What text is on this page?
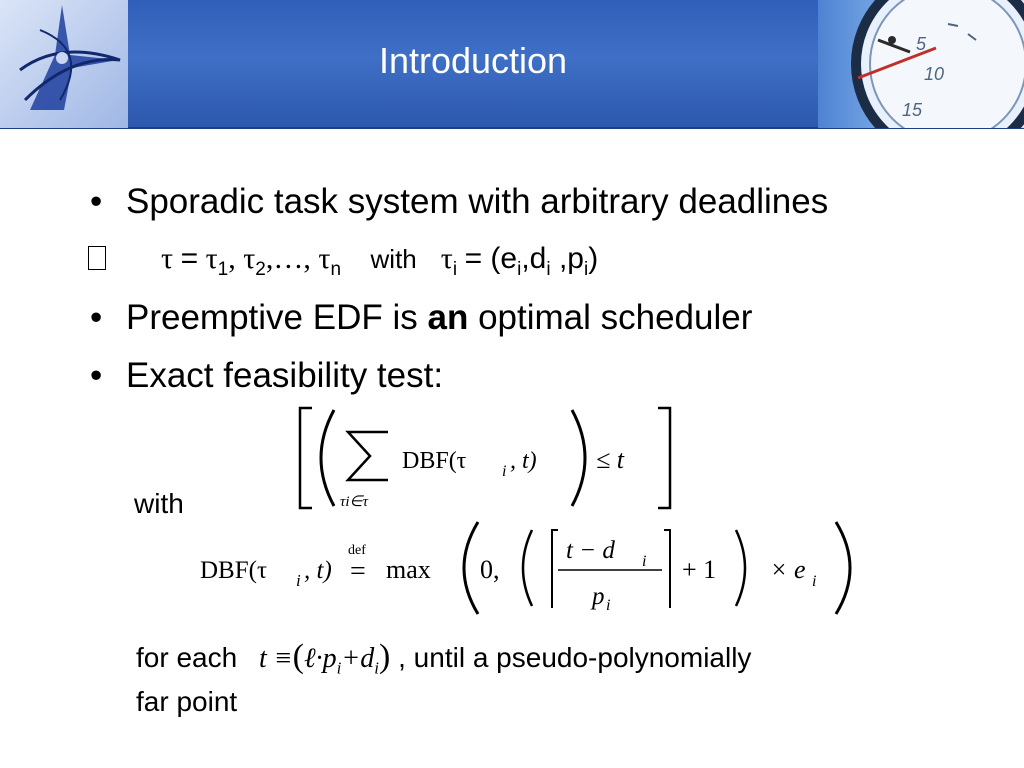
Introduction	5
10
15
• Sporadic task system with arbitrary deadlines
$\tau = \tau_1$, $\tau_2,\dots$, $\tau_n$ with $\tau_i = (e_i,d_i$ $,p_i$)
• Preemptive EDF is an optimal scheduler
• Exact feasibility test:
DBF(τ i , t) ≤ t
τi∈τ
with
DBF(τ i , t)
def
= max 0,
t − d i
p i
+ 1 × e i
for each $t \equiv(\ell\cdot p_i+d_i)$ , until a pseudo-polynomially
far point
